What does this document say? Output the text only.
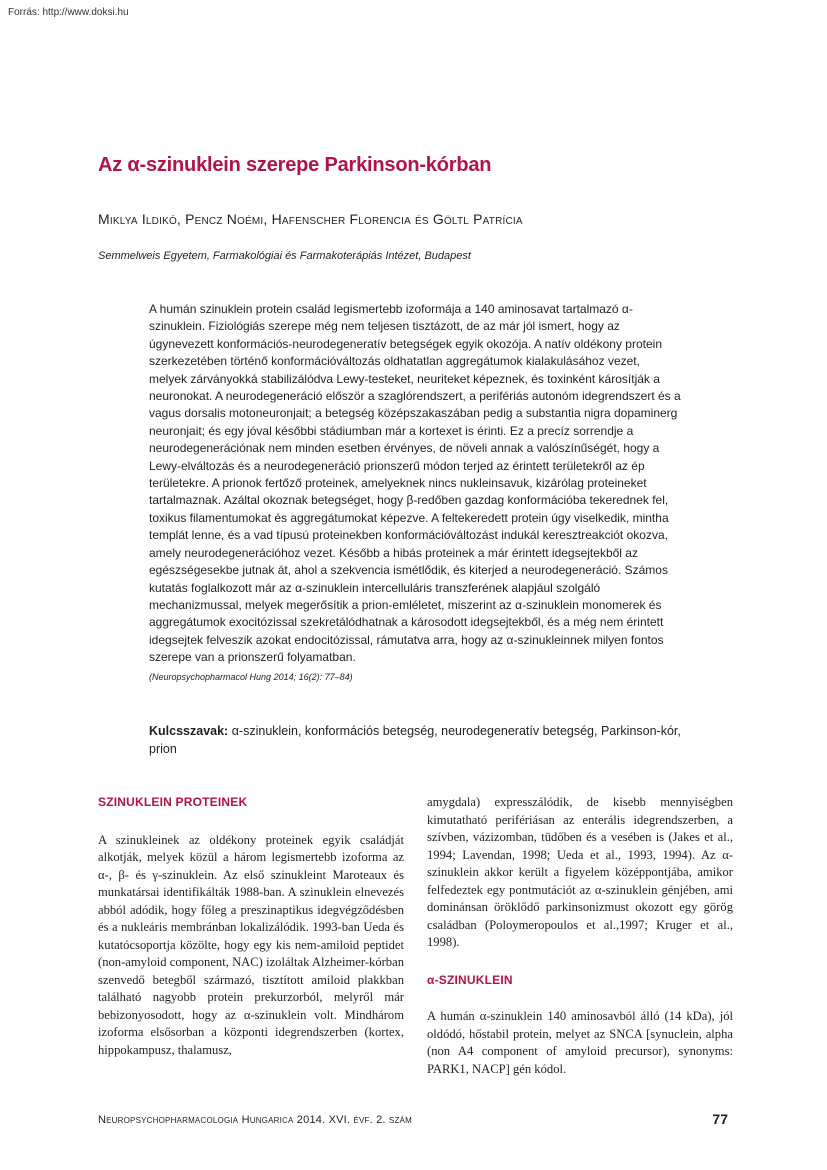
Forrás: http://www.doksi.hu
Az α-szinuklein szerepe Parkinson-kórban
Miklya Ildikó, Pencz Noémi, Hafenscher Florencia és Göltl Patrícia
Semmelweis Egyetem, Farmakológiai és Farmakoterápiás Intézet, Budapest

A humán szinuklein protein család legismertebb izoformája a 140 aminosavat tartalmazó α-szinuklein. Fiziológiás szerepe még nem teljesen tisztázott, de az már jól ismert, hogy az úgynevezett konformációs-neurodegeneratív betegségek egyik okozója. A natív oldékony protein szerkezetében történő konformációváltozás oldhatatlan aggregátumok kialakulásához vezet, melyek zárványokká stabilizálódva Lewy-testeket, neuriteket képeznek, és toxinként károsítják a neuronokat. A neurodegeneráció először a szaglórendszert, a perifériás autonóm idegrendszert és a vagus dorsalis motoneuronjait; a betegség középszakaszában pedig a substantia nigra dopaminerg neuronjait; és egy jóval későbbi stádiumban már a kortexet is érinti. Ez a precíz sorrendje a neurodegenerációnak nem minden esetben érvényes, de növeli annak a valószínűségét, hogy a Lewy-elváltozás és a neurodegeneráció prionszerű módon terjed az érintett területekről az ép területekre. A prionok fertőző proteinek, amelyeknek nincs nukleinsavuk, kizárólag proteineket tartalmaznak. Azáltal okoznak betegséget, hogy β-redőben gazdag konformációba tekerednek fel, toxikus filamentumokat és aggregátumokat képezve. A feltekeredett protein úgy viselkedik, mintha templát lenne, és a vad típusú proteinekben konformációváltozást indukál keresztreakciót okozva, amely neurodegenerációhoz vezet. Később a hibás proteinek a már érintett idegsejtekből az egészségesekbe jutnak át, ahol a szekvencia ismétlődik, és kiterjed a neurodegeneráció. Számos kutatás foglalkozott már az α-szinuklein intercelluláris transzferének alapjául szolgáló mechanizmussal, melyek megerősítik a prion-emléletet, miszerint az α-szinuklein monomerek és aggregátumok exocitózissal szekretálódhatnak a károsodott idegsejtekből, és a még nem érintett idegsejtek felveszik azokat endocitózissal, rámutatva arra, hogy az α-szinukleinnek milyen fontos szerepe van a prionszerű folyamatban.

(Neuropsychopharmacol Hung 2014; 16(2): 77–84)

Kulcsszavak: α-szinuklein, konformációs betegség, neurodegeneratív betegség, Parkinson-kór, prion

SZINUKLEIN PROTEINEK

A szinukleinek az oldékony proteinek egyik családját alkotják, melyek közül a három legismertebb izoforma az α-, β- és γ-szinuklein. Az első szinukleint Maroteaux és munkatársai identifikálták 1988-ban. A szinuklein elnevezés abból adódik, hogy főleg a preszinaptikus idegvégződésben és a nukleáris membránban lokalizálódik. 1993-ban Ueda és kutatócsoportja közölte, hogy egy kis nem-amiloid peptidet (non-amyloid component, NAC) izoláltak Alzheimer-kórban szenvedő betegből származó, tisztított amiloid plakkban található nagyobb protein prekurzorból, melyről már bebizonyosodott, hogy az α-szinuklein volt. Mindhárom izoforma elsősorban a központi idegrendszerben (kortex, hippokampusz, thalamusz,

amygdala) expresszálódik, de kisebb mennyiségben kimutatható perifériásan az enterális idegrendszerben, a szívben, vázizomban, tüdőben és a vesében is (Jakes et al., 1994; Lavendan, 1998; Ueda et al., 1993, 1994). Az α-szinuklein akkor került a figyelem középpontjába, amikor felfedeztek egy pontmutációt az α-szinuklein génjében, ami dominánsan öröklődő parkinsonizmust okozott egy görög családban (Poloymeropoulos et al.,1997; Kruger et al., 1998).

α-SZINUKLEIN

A humán α-szinuklein 140 aminosavból álló (14 kDa), jól oldódó, hőstabil protein, melyet az SNCA [synuclein, alpha (non A4 component of amyloid precursor), synonyms: PARK1, NACP] gén kódol.

Neuropsychopharmacologia Hungarica 2014. XVI. évf. 2. szám	77
